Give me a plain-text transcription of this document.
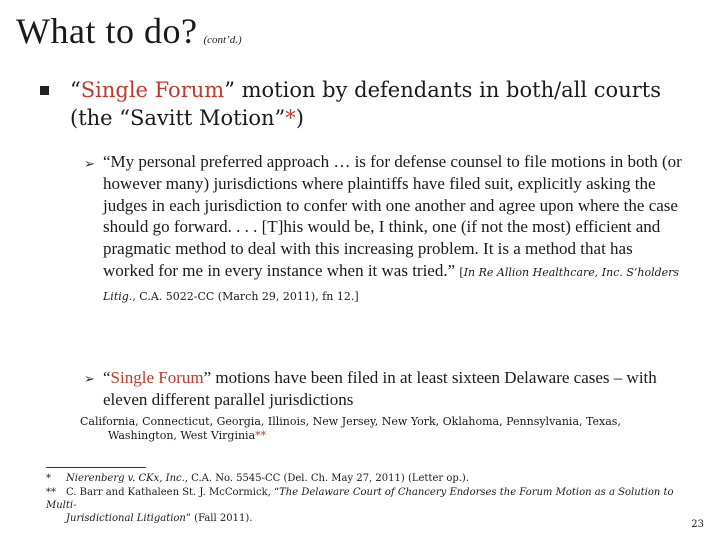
What to do? (cont’d.)
“Single Forum” motion by defendants in both/all courts (the “Savitt Motion”*)
➢ “My personal preferred approach … is for defense counsel to file motions in both (or however many) jurisdictions where plaintiffs have filed suit, explicitly asking the judges in each jurisdiction to confer with one another and agree upon where the case should go forward. . . . [T]his would be, I think, one (if not the most) efficient and pragmatic method to deal with this increasing problem. It is a method that has worked for me in every instance when it was tried.” [In Re Allion Healthcare, Inc. S’holders Litig., C.A. 5022-CC (March 29, 2011), fn 12.]
➢ “Single Forum” motions have been filed in at least sixteen Delaware cases – with eleven different parallel jurisdictions
California, Connecticut, Georgia, Illinois, New Jersey, New York, Oklahoma, Pennsylvania, Texas,
Washington, West Virginia**
* Nierenberg v. CKx, Inc., C.A. No. 5545-CC (Del. Ch. May 27, 2011) (Letter op.).
** C. Barr and Kathaleen St. J. McCormick, “The Delaware Court of Chancery Endorses the Forum Motion as a Solution to Multi-
Jurisdictional Litigation” (Fall 2011).
23
